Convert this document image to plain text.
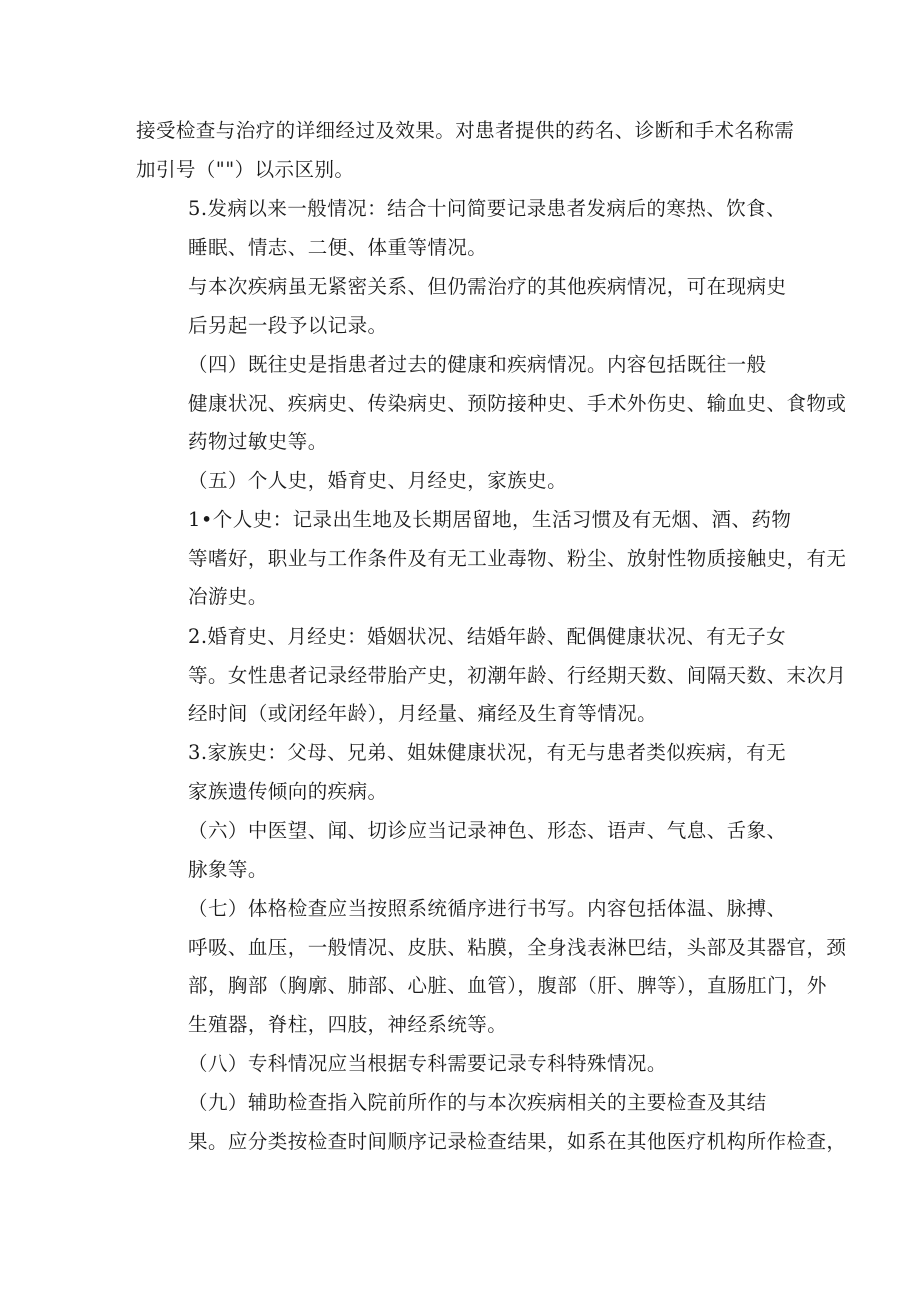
接受检查与治疗的详细经过及效果。对患者提供的药名、诊断和手术名称需
加引号（""）以示区别。

5.发病以来一般情况：结合十问简要记录患者发病后的寒热、饮食、
睡眠、情志、二便、体重等情况。

与本次疾病虽无紧密关系、但仍需治疗的其他疾病情况，可在现病史
后另起一段予以记录。

（四）既往史是指患者过去的健康和疾病情况。内容包括既往一般
健康状况、疾病史、传染病史、预防接种史、手术外伤史、输血史、食物或
药物过敏史等。

（五）个人史，婚育史、月经史，家族史。

1•个人史：记录出生地及长期居留地，生活习惯及有无烟、酒、药物
等嗜好，职业与工作条件及有无工业毒物、粉尘、放射性物质接触史，有无
冶游史。

2.婚育史、月经史：婚姻状况、结婚年龄、配偶健康状况、有无子女
等。女性患者记录经带胎产史，初潮年龄、行经期天数、间隔天数、末次月
经时间（或闭经年龄），月经量、痛经及生育等情况。

3.家族史：父母、兄弟、姐妹健康状况，有无与患者类似疾病，有无
家族遗传倾向的疾病。

（六）中医望、闻、切诊应当记录神色、形态、语声、气息、舌象、
脉象等。

（七）体格检查应当按照系统循序进行书写。内容包括体温、脉搏、
呼吸、血压，一般情况、皮肤、粘膜，全身浅表淋巴结，头部及其器官，颈
部，胸部（胸廓、肺部、心脏、血管），腹部（肝、脾等），直肠肛门，外
生殖器，脊柱，四肢，神经系统等。

（八）专科情况应当根据专科需要记录专科特殊情况。

（九）辅助检查指入院前所作的与本次疾病相关的主要检查及其结
果。应分类按检查时间顺序记录检查结果，如系在其他医疗机构所作检查，
